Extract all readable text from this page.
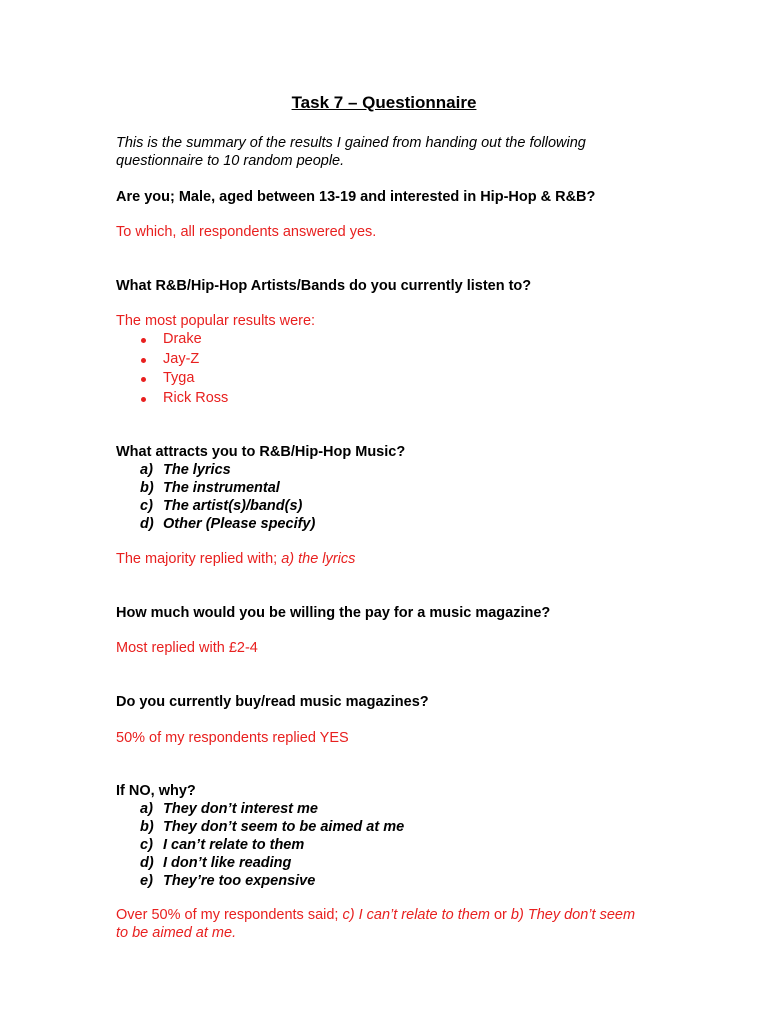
Task 7 – Questionnaire
This is the summary of the results I gained from handing out the following questionnaire to 10 random people.
Are you; Male, aged between 13-19 and interested in Hip-Hop & R&B?
To which, all respondents answered yes.
What R&B/Hip-Hop Artists/Bands do you currently listen to?
The most popular results were:
Drake
Jay-Z
Tyga
Rick Ross
What attracts you to R&B/Hip-Hop Music?
a) The lyrics
b) The instrumental
c) The artist(s)/band(s)
d) Other (Please specify)
The majority replied with; a) the lyrics
How much would you be willing the pay for a music magazine?
Most replied with £2-4
Do you currently buy/read music magazines?
50% of my respondents replied YES
If NO, why?
a) They don’t interest me
b) They don’t seem to be aimed at me
c) I can’t relate to them
d) I don’t like reading
e) They’re too expensive
Over 50% of my respondents said; c) I can’t relate to them or b) They don’t seem to be aimed at me.
